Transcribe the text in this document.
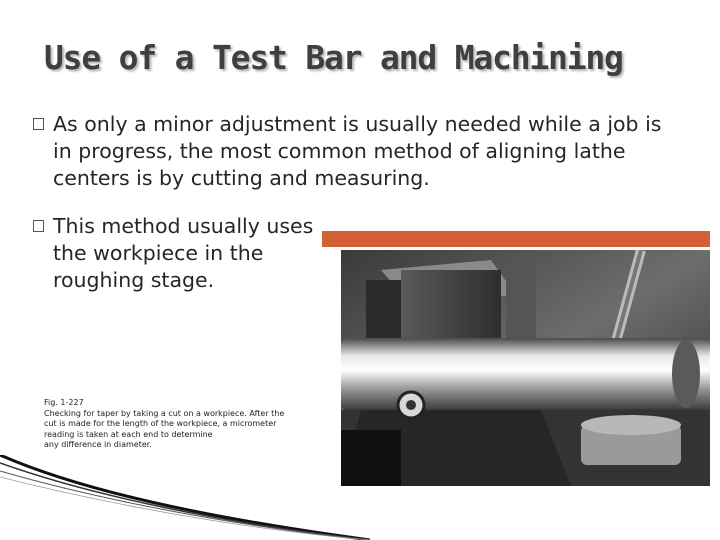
Use of a Test Bar and Machining
As only a minor adjustment is usually needed while a job is in progress, the most common method of aligning lathe centers is by cutting and measuring.
This method usually uses the workpiece in the roughing stage.
Fig. 1-227
Checking for taper by taking a cut on a workpiece. After the
cut is made for the length of the workpiece, a micrometer
reading is taken at each end to determine
any difference in diameter.
